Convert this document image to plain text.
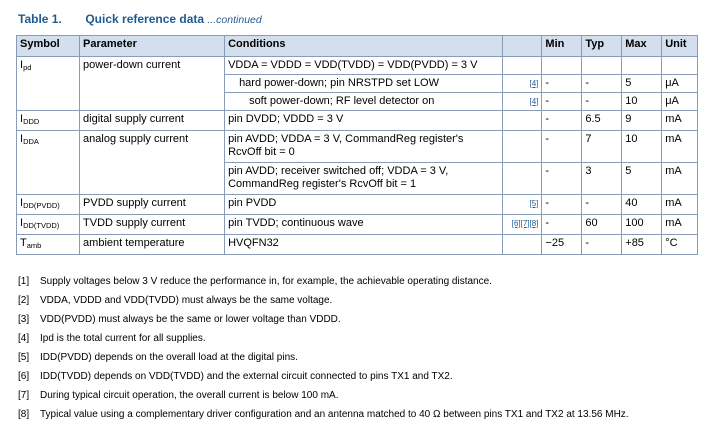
Table 1. Quick reference data ...continued
Symbol	Parameter	Conditions		Min	Typ	Max	Unit
$I_{pd}$	power-down current	VDDA = VDDD = VDD(TVDD) = VDD(PVDD) = 3 V					
		hard power-down; pin NRSTPD set LOW	[4]	-	-	5	μA
		soft power-down; RF level detector on	[4]	-	-	10	μA
$I_{DDD}$	digital supply current	pin DVDD; VDDD = 3 V		-	6.5	9	mA
$I_{DDA}$	analog supply current	pin AVDD; VDDA = 3 V, CommandReg register's RcvOff bit = 0		-	7	10	mA
		pin AVDD; receiver switched off; VDDA = 3 V, CommandReg register's RcvOff bit = 1		-	3	5	mA
$I_{DD(PVDD)}$	PVDD supply current	pin PVDD	[5]	-	-	40	mA
$I_{DD(TVDD)}$	TVDD supply current	pin TVDD; continuous wave	[6][7][8]	-	60	100	mA
$T_{amb}$	ambient temperature	HVQFN32		−25	-	+85	°C
[1] Supply voltages below 3 V reduce the performance in, for example, the achievable operating distance.
[2] VDDA, VDDD and VDD(TVDD) must always be the same voltage.
[3] VDD(PVDD) must always be the same or lower voltage than VDDD.
[4] Ipd is the total current for all supplies.
[5] IDD(PVDD) depends on the overall load at the digital pins.
[6] IDD(TVDD) depends on VDD(TVDD) and the external circuit connected to pins TX1 and TX2.
[7] During typical circuit operation, the overall current is below 100 mA.
[8] Typical value using a complementary driver configuration and an antenna matched to 40 Ω between pins TX1 and TX2 at 13.56 MHz.
